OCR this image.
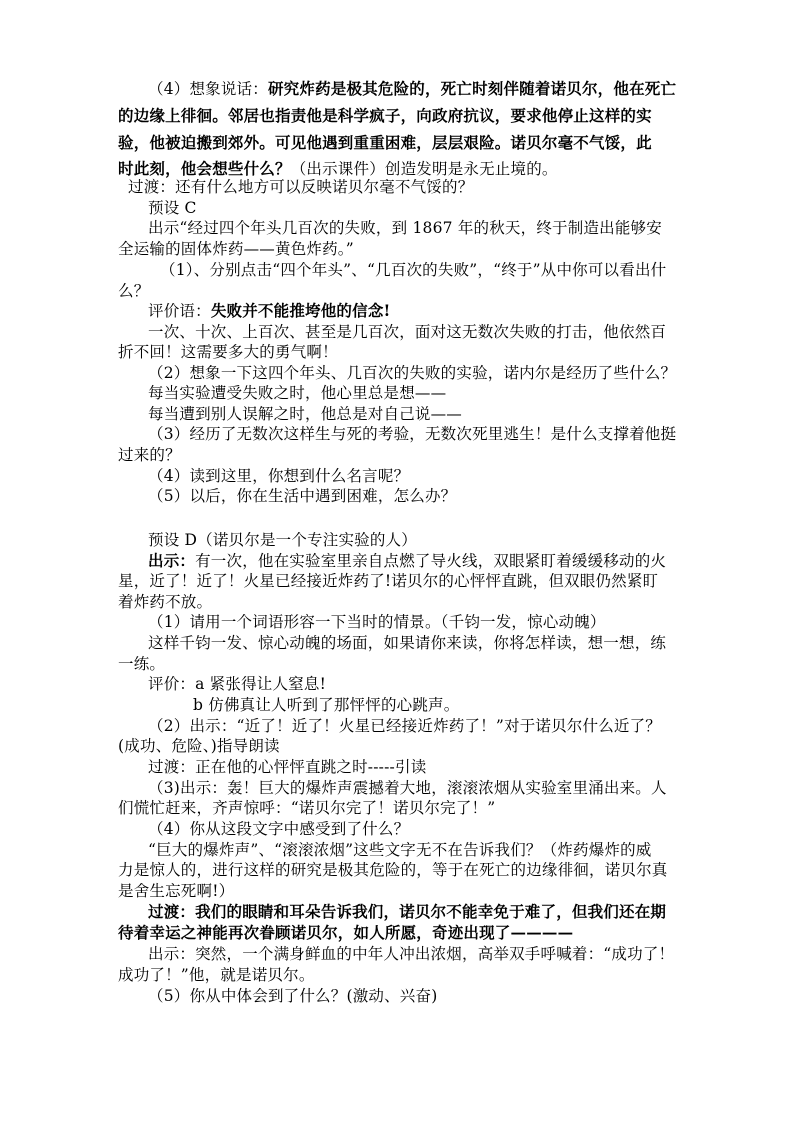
（4）想象说话：研究炸药是极其危险的，死亡时刻伴随着诺贝尔，他在死亡
的边缘上徘徊。邻居也指责他是科学疯子，向政府抗议，要求他停止这样的实
验，他被迫搬到郊外。可见他遇到重重困难，层层艰险。诺贝尔毫不气馁，此
时此刻，他会想些什么？（出示课件）创造发明是永无止境的。
过渡：还有什么地方可以反映诺贝尔毫不气馁的？
预设 C
出示“经过四个年头几百次的失败，到 1867 年的秋天，终于制造出能够安
全运输的固体炸药——黄色炸药。”
（1）、分别点击“四个年头”、“几百次的失败”，“终于”从中你可以看出什
么？
评价语：失败并不能推垮他的信念!
一次、十次、上百次、甚至是几百次，面对这无数次失败的打击，他依然百
折不回！这需要多大的勇气啊！
（2）想象一下这四个年头、几百次的失败的实验，诺内尔是经历了些什么？
每当实验遭受失败之时，他心里总是想——
每当遭到别人误解之时，他总是对自己说——
（3）经历了无数次这样生与死的考验，无数次死里逃生！是什么支撑着他挺
过来的？
（4）读到这里，你想到什么名言呢？
（5）以后，你在生活中遇到困难，怎么办？
预设 D（诺贝尔是一个专注实验的人）
出示：有一次，他在实验室里亲自点燃了导火线，双眼紧盯着缓缓移动的火
星，近了！近了！火星已经接近炸药了!诺贝尔的心怦怦直跳，但双眼仍然紧盯
着炸药不放。
（1）请用一个词语形容一下当时的情景。（千钧一发，惊心动魄）
这样千钧一发、惊心动魄的场面，如果请你来读，你将怎样读，想一想，练
一练。
评价：a 紧张得让人窒息!
b 仿佛真让人听到了那怦怦的心跳声。
（2）出示：“近了！近了！火星已经接近炸药了！”对于诺贝尔什么近了？
(成功、危险、)指导朗读
过渡：正在他的心怦怦直跳之时-----引读
（3)出示：轰！巨大的爆炸声震撼着大地，滚滚浓烟从实验室里涌出来。人
们慌忙赶来，齐声惊呼：“诺贝尔完了！诺贝尔完了！”
（4）你从这段文字中感受到了什么？
“巨大的爆炸声”、“滚滚浓烟”这些文字无不在告诉我们？（炸药爆炸的威
力是惊人的，进行这样的研究是极其危险的，等于在死亡的边缘徘徊，诺贝尔真
是舍生忘死啊!）
过渡：我们的眼睛和耳朵告诉我们，诺贝尔不能幸免于难了，但我们还在期
待着幸运之神能再次眷顾诺贝尔，如人所愿，奇迹出现了————
出示：突然，一个满身鲜血的中年人冲出浓烟，高举双手呼喊着：“成功了！
成功了！”他，就是诺贝尔。
（5）你从中体会到了什么？(激动、兴奋)
